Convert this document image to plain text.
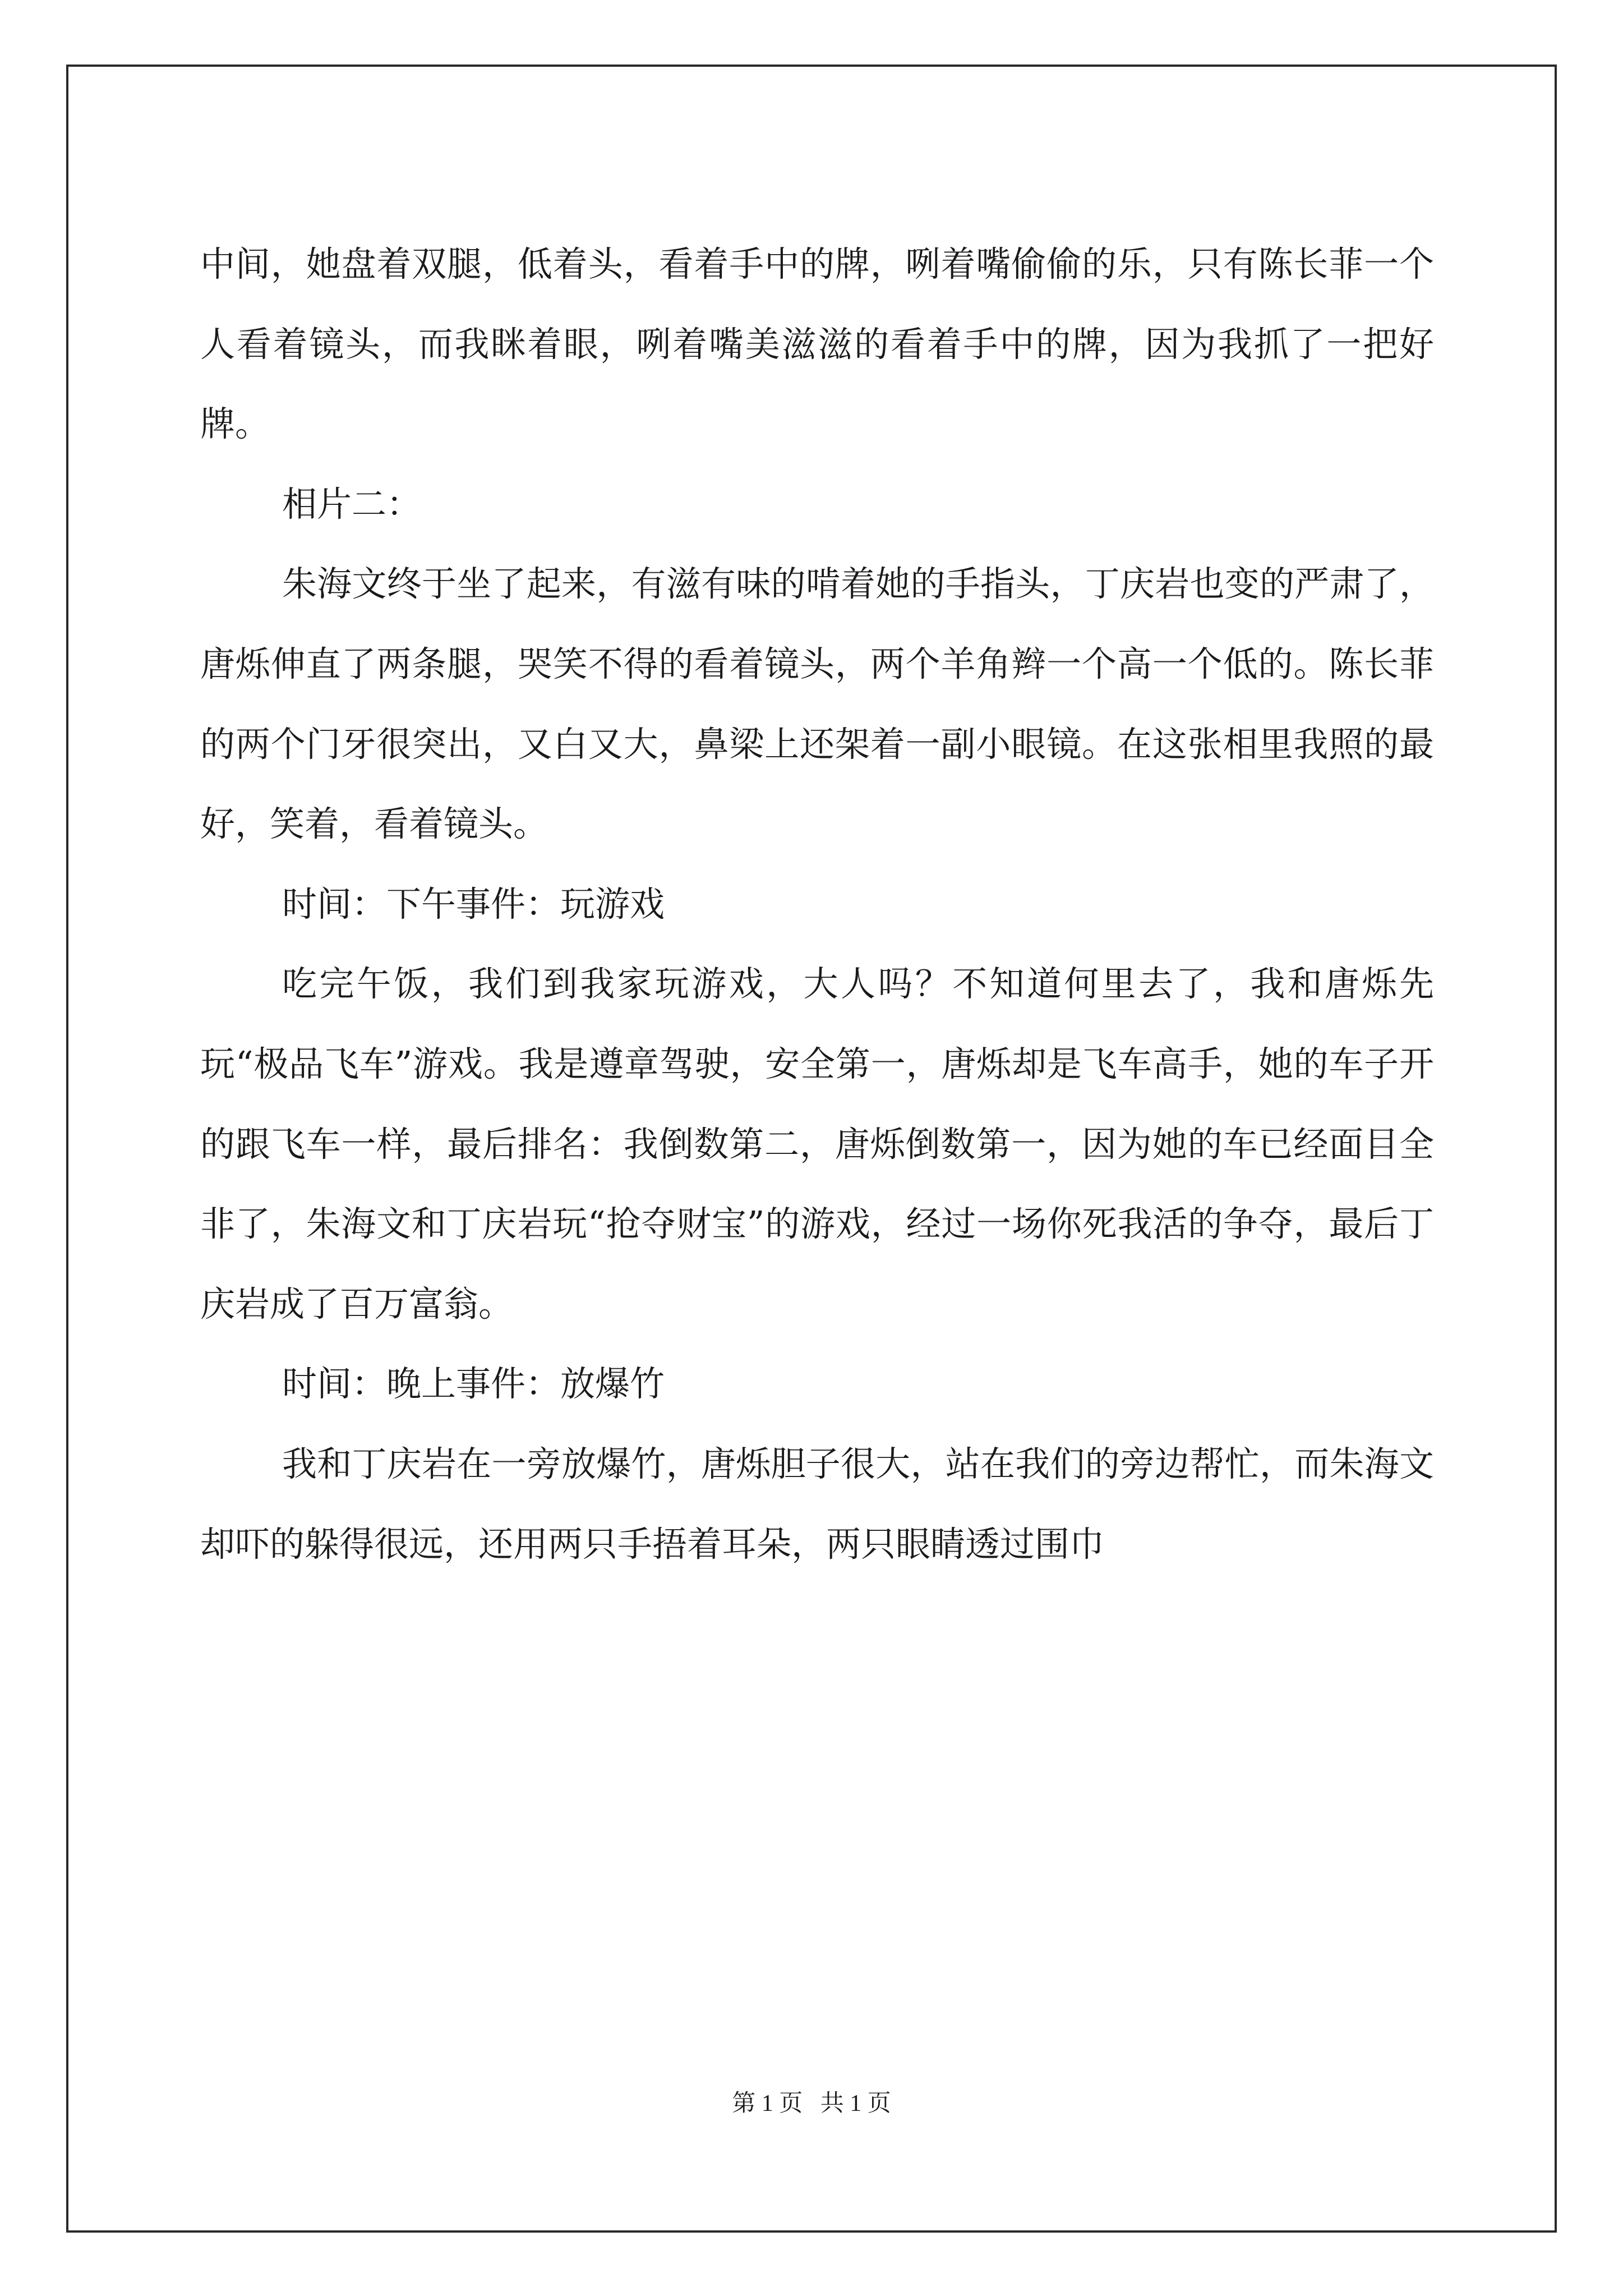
中间，她盘着双腿，低着头，看着手中的牌，咧着嘴偷偷的乐，只有陈长菲一个人看着镜头，而我眯着眼，咧着嘴美滋滋的看着手中的牌，因为我抓了一把好牌。

相片二：

朱海文终于坐了起来，有滋有味的啃着她的手指头，丁庆岩也变的严肃了，唐烁伸直了两条腿，哭笑不得的看着镜头，两个羊角辫一个高一个低的。陈长菲的两个门牙很突出，又白又大，鼻梁上还架着一副小眼镜。在这张相里我照的最好，笑着，看着镜头。

时间：下午事件：玩游戏

吃完午饭，我们到我家玩游戏，大人吗？不知道何里去了，我和唐烁先玩“极品飞车”游戏。我是遵章驾驶，安全第一，唐烁却是飞车高手，她的车子开的跟飞车一样，最后排名：我倒数第二，唐烁倒数第一，因为她的车已经面目全非了，朱海文和丁庆岩玩“抢夺财宝”的游戏，经过一场你死我活的争夺，最后丁庆岩成了百万富翁。

时间：晚上事件：放爆竹

我和丁庆岩在一旁放爆竹，唐烁胆子很大，站在我们的旁边帮忙，而朱海文却吓的躲得很远，还用两只手捂着耳朵，两只眼睛透过围巾

第 1 页   共 1 页
